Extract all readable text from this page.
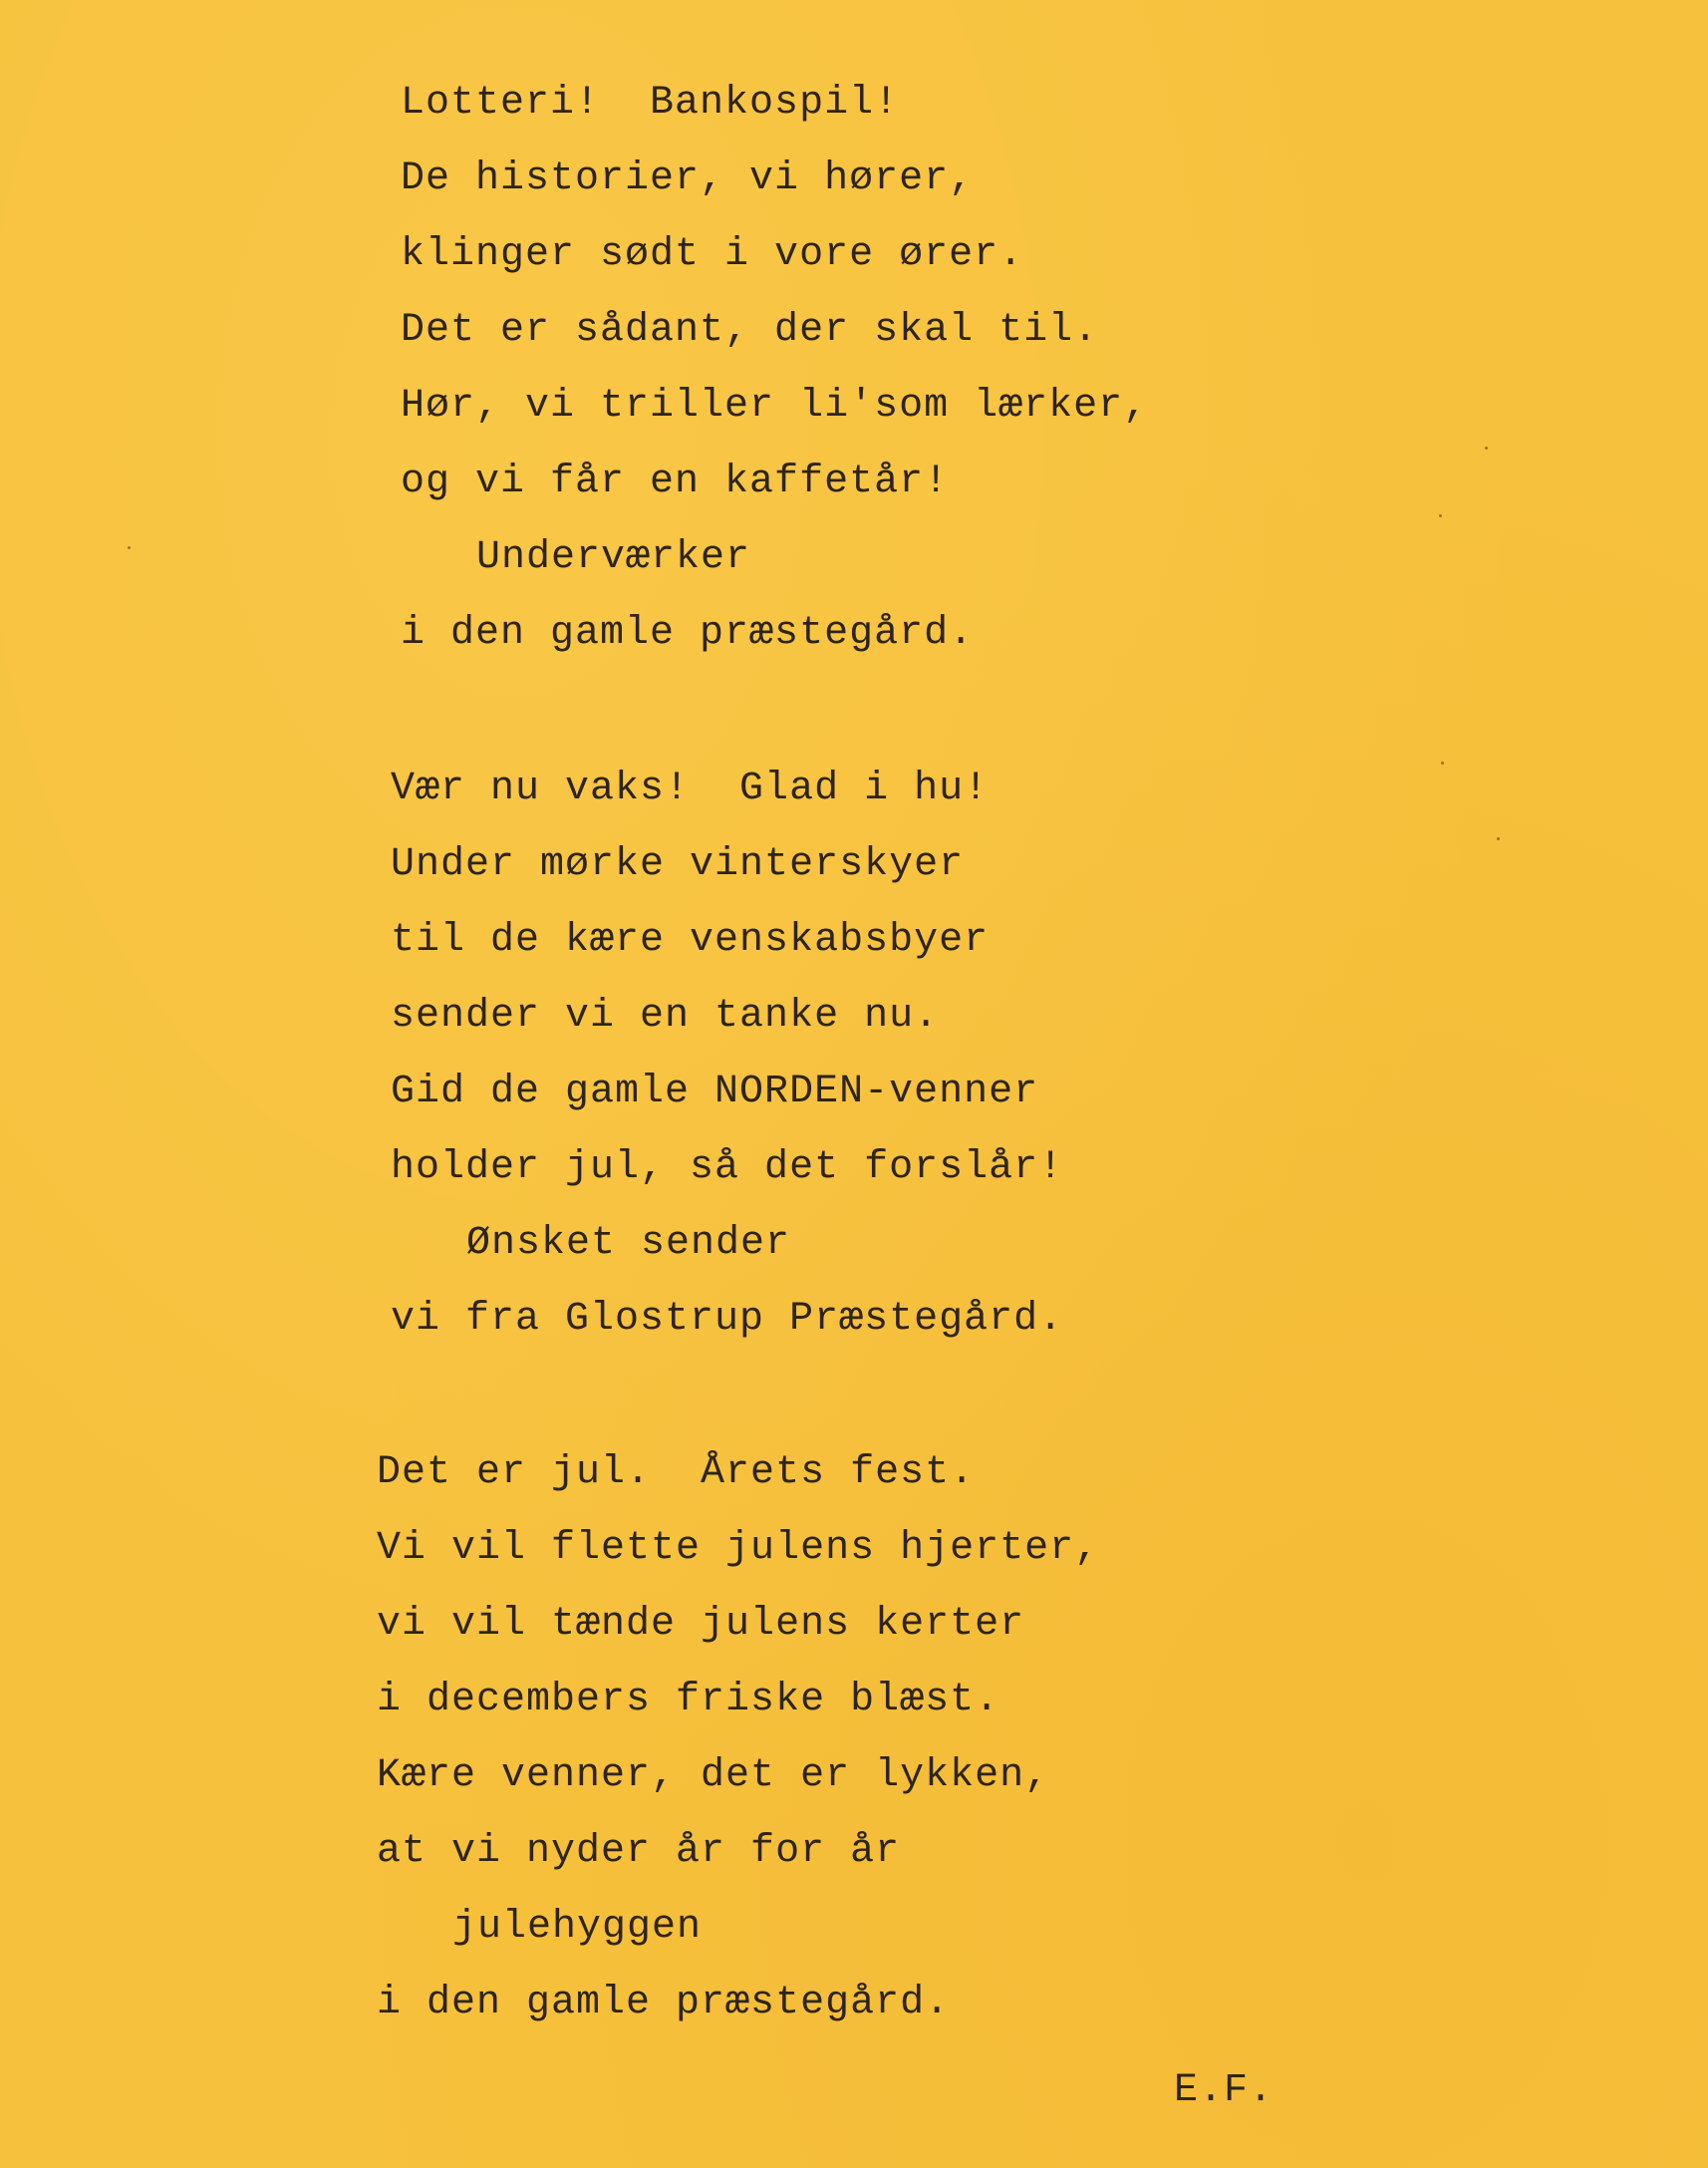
Lotteri!  Bankospil!
De historier, vi hører,
klinger sødt i vore ører.
Det er sådant, der skal til.
Hør, vi triller li'som lærker,
og vi får en kaffetår!
Underværker
i den gamle præstegård.
Vær nu vaks!  Glad i hu!
Under mørke vinterskyer
til de kære venskabsbyer
sender vi en tanke nu.
Gid de gamle NORDEN-venner
holder jul, så det forslår!
Ønsket sender
vi fra Glostrup Præstegård.
Det er jul.  Årets fest.
Vi vil flette julens hjerter,
vi vil tænde julens kerter
i decembers friske blæst.
Kære venner, det er lykken,
at vi nyder år for år
julehyggen
i den gamle præstegård.
E.F.
